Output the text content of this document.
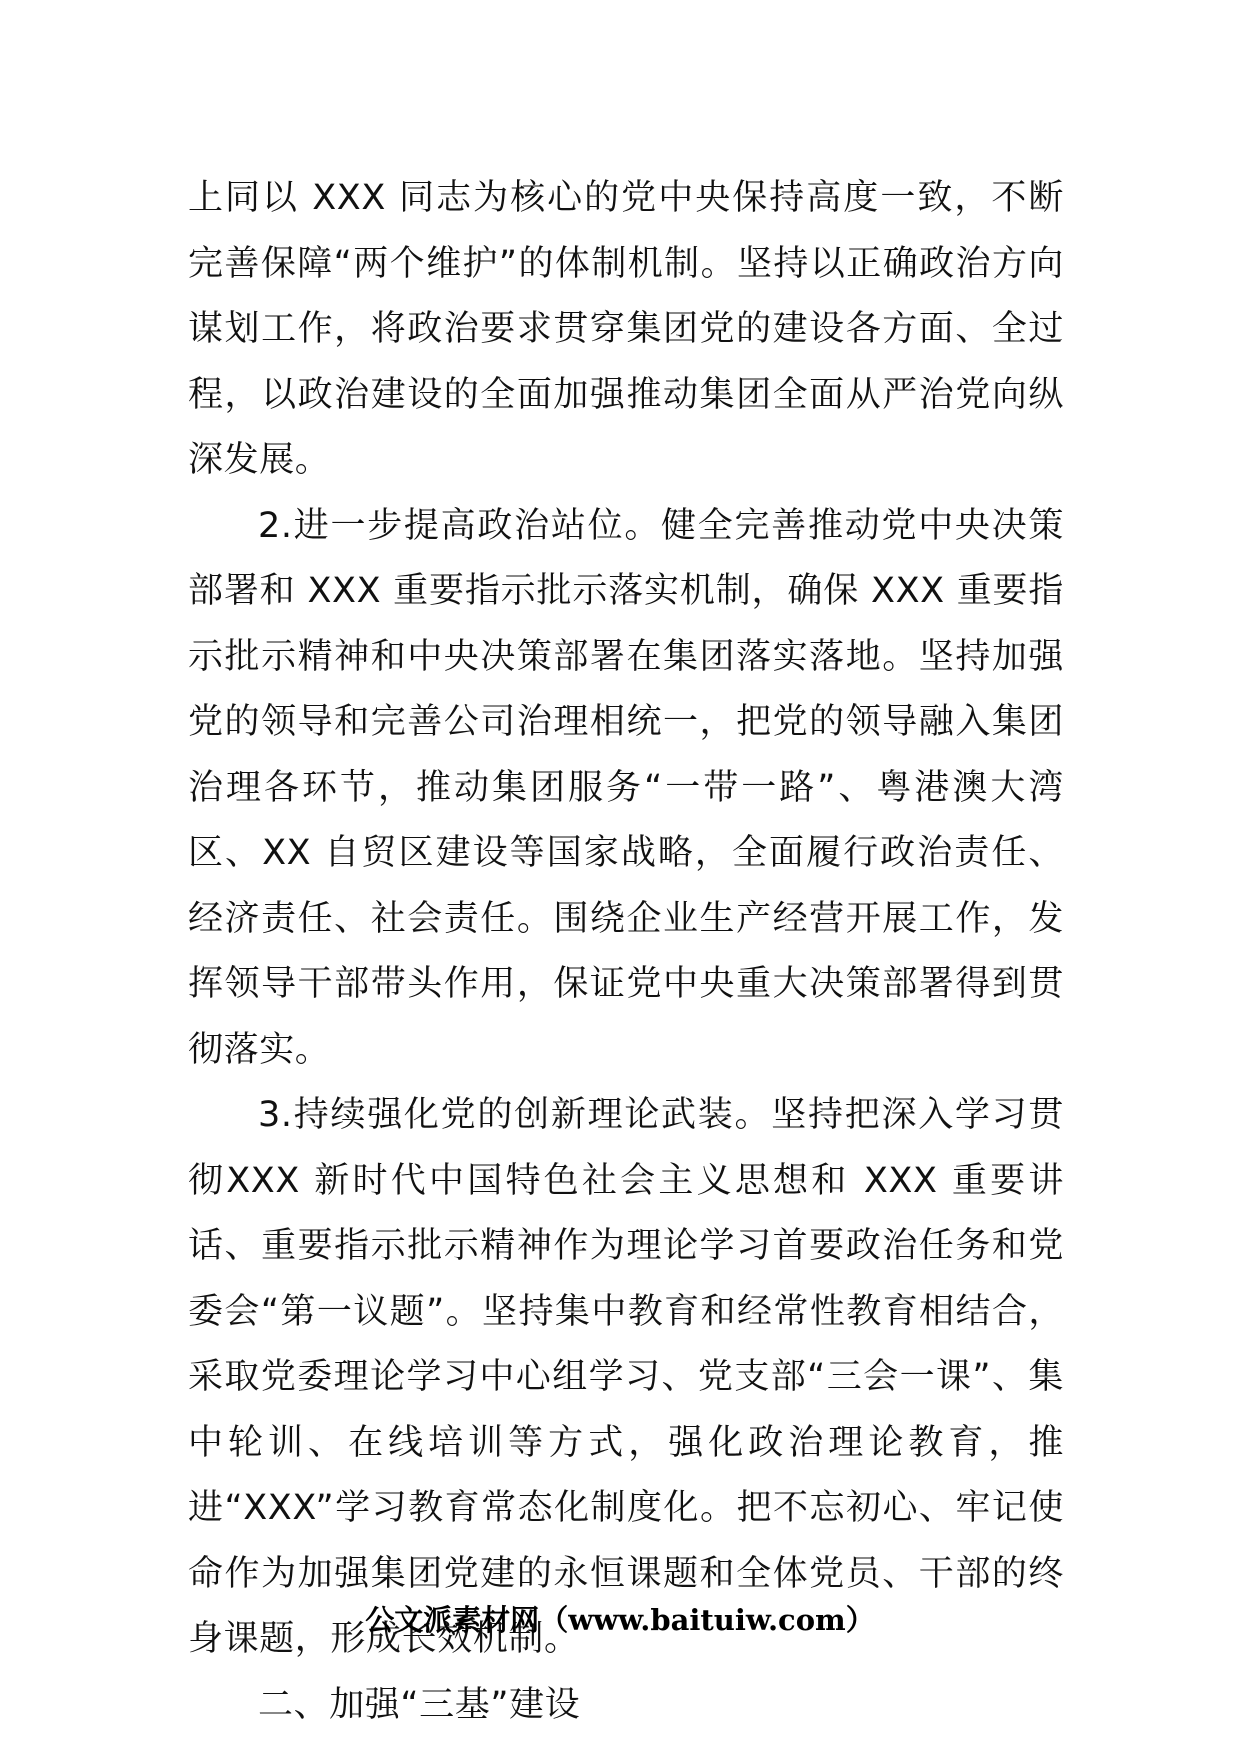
上同以 XXX 同志为核心的党中央保持高度一致，不断完善保障“两个维护”的体制机制。坚持以正确政治方向谋划工作，将政治要求贯穿集团党的建设各方面、全过程，以政治建设的全面加强推动集团全面从严治党向纵深发展。

2.进一步提高政治站位。健全完善推动党中央决策部署和 XXX 重要指示批示落实机制，确保 XXX 重要指示批示精神和中央决策部署在集团落实落地。坚持加强党的领导和完善公司治理相统一，把党的领导融入集团治理各环节，推动集团服务“一带一路”、粤港澳大湾区、XX 自贸区建设等国家战略，全面履行政治责任、经济责任、社会责任。围绕企业生产经营开展工作，发挥领导干部带头作用，保证党中央重大决策部署得到贯彻落实。

3.持续强化党的创新理论武装。坚持把深入学习贯彻XXX 新时代中国特色社会主义思想和 XXX 重要讲话、重要指示批示精神作为理论学习首要政治任务和党委会“第一议题”。坚持集中教育和经常性教育相结合，采取党委理论学习中心组学习、党支部“三会一课”、集中轮训、在线培训等方式，强化政治理论教育，推进“XXX”学习教育常态化制度化。把不忘初心、牢记使命作为加强集团党建的永恒课题和全体党员、干部的终身课题，形成长效机制。

二、加强“三基”建设

公文派素材网（www.baituiw.com）
